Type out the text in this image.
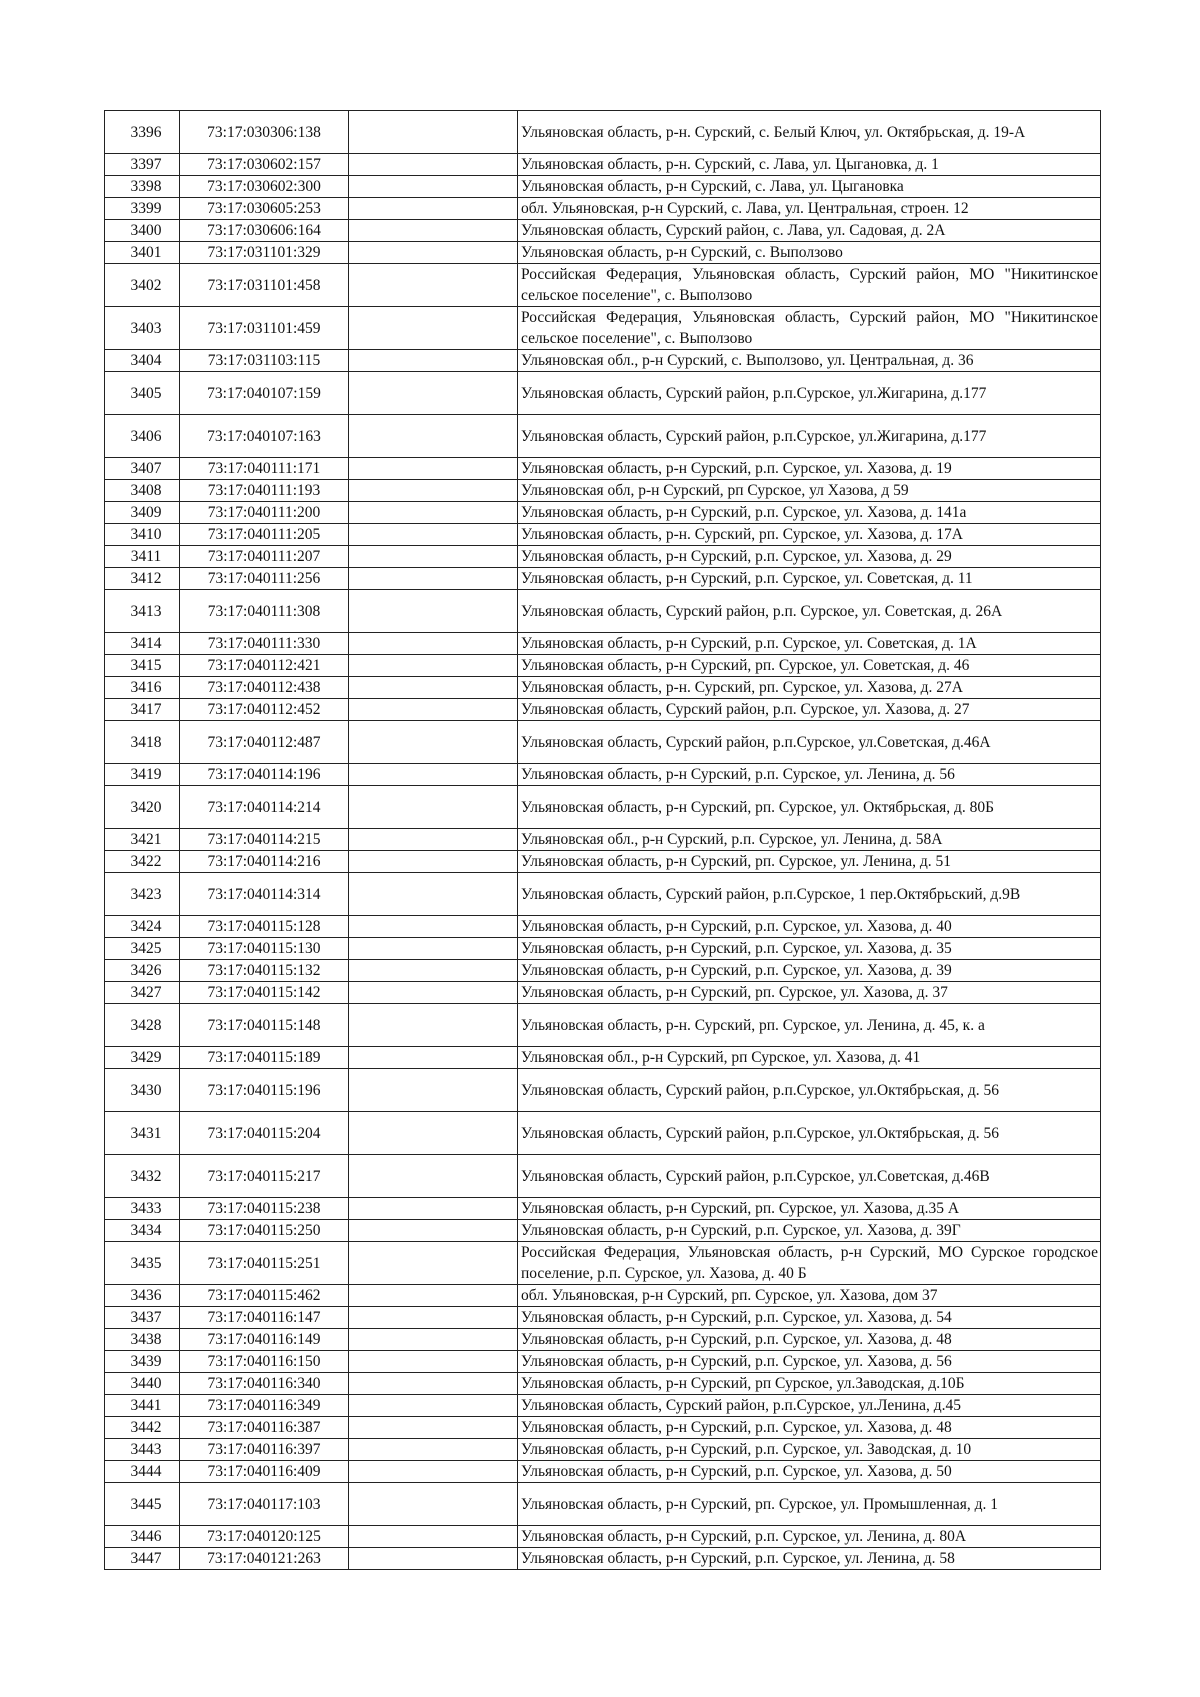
3396	73:17:030306:138		Ульяновская область, р-н. Сурский, с. Белый Ключ, ул. Октябрьская, д. 19-А
3397	73:17:030602:157		Ульяновская область, р-н. Сурский, с. Лава, ул. Цыгановка, д. 1
3398	73:17:030602:300		Ульяновская область, р-н Сурский, с. Лава, ул. Цыгановка
3399	73:17:030605:253		обл. Ульяновская, р-н Сурский, с. Лава, ул. Центральная, строен. 12
3400	73:17:030606:164		Ульяновская область, Сурский район, с. Лава, ул. Садовая, д. 2А
3401	73:17:031101:329		Ульяновская область, р-н Сурский, с. Выползово
3402	73:17:031101:458		Российская Федерация, Ульяновская область, Сурский район, МО "Никитинское сельское поселение", с. Выползово
3403	73:17:031101:459		Российская Федерация, Ульяновская область, Сурский район, МО "Никитинское сельское поселение", с. Выползово
3404	73:17:031103:115		Ульяновская обл., р-н Сурский, с. Выползово, ул. Центральная, д. 36
3405	73:17:040107:159		Ульяновская область, Сурский район, р.п.Сурское, ул.Жигарина, д.177
3406	73:17:040107:163		Ульяновская область, Сурский район, р.п.Сурское, ул.Жигарина, д.177
3407	73:17:040111:171		Ульяновская область, р-н Сурский, р.п. Сурское, ул. Хазова, д. 19
3408	73:17:040111:193		Ульяновская обл, р-н Сурский, рп Сурское, ул Хазова, д 59
3409	73:17:040111:200		Ульяновская область, р-н Сурский, р.п. Сурское, ул. Хазова, д. 141а
3410	73:17:040111:205		Ульяновская область, р-н. Сурский, рп. Сурское, ул. Хазова, д. 17А
3411	73:17:040111:207		Ульяновская область, р-н Сурский, р.п. Сурское, ул. Хазова, д. 29
3412	73:17:040111:256		Ульяновская область, р-н Сурский, р.п. Сурское, ул. Советская, д. 11
3413	73:17:040111:308		Ульяновская область, Сурский район, р.п. Сурское, ул. Советская, д. 26А
3414	73:17:040111:330		Ульяновская область, р-н Сурский, р.п. Сурское, ул. Советская, д. 1А
3415	73:17:040112:421		Ульяновская область, р-н Сурский, рп. Сурское, ул. Советская, д. 46
3416	73:17:040112:438		Ульяновская область, р-н. Сурский, рп. Сурское, ул. Хазова, д. 27А
3417	73:17:040112:452		Ульяновская область, Сурский район, р.п. Сурское, ул. Хазова, д. 27
3418	73:17:040112:487		Ульяновская область, Сурский район, р.п.Сурское, ул.Советская, д.46А
3419	73:17:040114:196		Ульяновская область, р-н Сурский, р.п. Сурское, ул. Ленина, д. 56
3420	73:17:040114:214		Ульяновская область, р-н Сурский, рп. Сурское, ул. Октябрьская, д. 80Б
3421	73:17:040114:215		Ульяновская обл., р-н Сурский, р.п. Сурское, ул. Ленина, д. 58А
3422	73:17:040114:216		Ульяновская область, р-н Сурский, рп. Сурское, ул. Ленина, д. 51
3423	73:17:040114:314		Ульяновская область, Сурский район, р.п.Сурское, 1 пер.Октябрьский, д.9В
3424	73:17:040115:128		Ульяновская область, р-н Сурский, р.п. Сурское, ул. Хазова, д. 40
3425	73:17:040115:130		Ульяновская область, р-н Сурский, р.п. Сурское, ул. Хазова, д. 35
3426	73:17:040115:132		Ульяновская область, р-н Сурский, р.п. Сурское, ул. Хазова, д. 39
3427	73:17:040115:142		Ульяновская область, р-н Сурский, рп. Сурское, ул. Хазова, д. 37
3428	73:17:040115:148		Ульяновская область, р-н. Сурский, рп. Сурское, ул. Ленина, д. 45, к. а
3429	73:17:040115:189		Ульяновская обл., р-н Сурский, рп Сурское, ул. Хазова, д. 41
3430	73:17:040115:196		Ульяновская область, Сурский район, р.п.Сурское, ул.Октябрьская, д. 56
3431	73:17:040115:204		Ульяновская область, Сурский район, р.п.Сурское, ул.Октябрьская, д. 56
3432	73:17:040115:217		Ульяновская область, Сурский район, р.п.Сурское, ул.Советская, д.46В
3433	73:17:040115:238		Ульяновская область, р-н Сурский, рп. Сурское, ул. Хазова, д.35 А
3434	73:17:040115:250		Ульяновская область, р-н Сурский, р.п. Сурское, ул. Хазова, д. 39Г
3435	73:17:040115:251		Российская Федерация, Ульяновская область, р-н Сурский, МО Сурское городское поселение, р.п. Сурское, ул. Хазова, д. 40 Б
3436	73:17:040115:462		обл. Ульяновская, р-н Сурский, рп. Сурское, ул. Хазова, дом 37
3437	73:17:040116:147		Ульяновская область, р-н Сурский, р.п. Сурское, ул. Хазова, д. 54
3438	73:17:040116:149		Ульяновская область, р-н Сурский, р.п. Сурское, ул. Хазова, д. 48
3439	73:17:040116:150		Ульяновская область, р-н Сурский, р.п. Сурское, ул. Хазова, д. 56
3440	73:17:040116:340		Ульяновская область, р-н Сурский, рп Сурское, ул.Заводская, д.10Б
3441	73:17:040116:349		Ульяновская область, Сурский район, р.п.Сурское, ул.Ленина, д.45
3442	73:17:040116:387		Ульяновская область, р-н Сурский, р.п. Сурское, ул. Хазова, д. 48
3443	73:17:040116:397		Ульяновская область, р-н Сурский, р.п. Сурское, ул. Заводская, д. 10
3444	73:17:040116:409		Ульяновская область, р-н Сурский, р.п. Сурское, ул. Хазова, д. 50
3445	73:17:040117:103		Ульяновская область, р-н Сурский, рп. Сурское, ул. Промышленная, д. 1
3446	73:17:040120:125		Ульяновская область, р-н Сурский, р.п. Сурское, ул. Ленина, д. 80А
3447	73:17:040121:263		Ульяновская область, р-н Сурский, р.п. Сурское, ул. Ленина, д. 58
